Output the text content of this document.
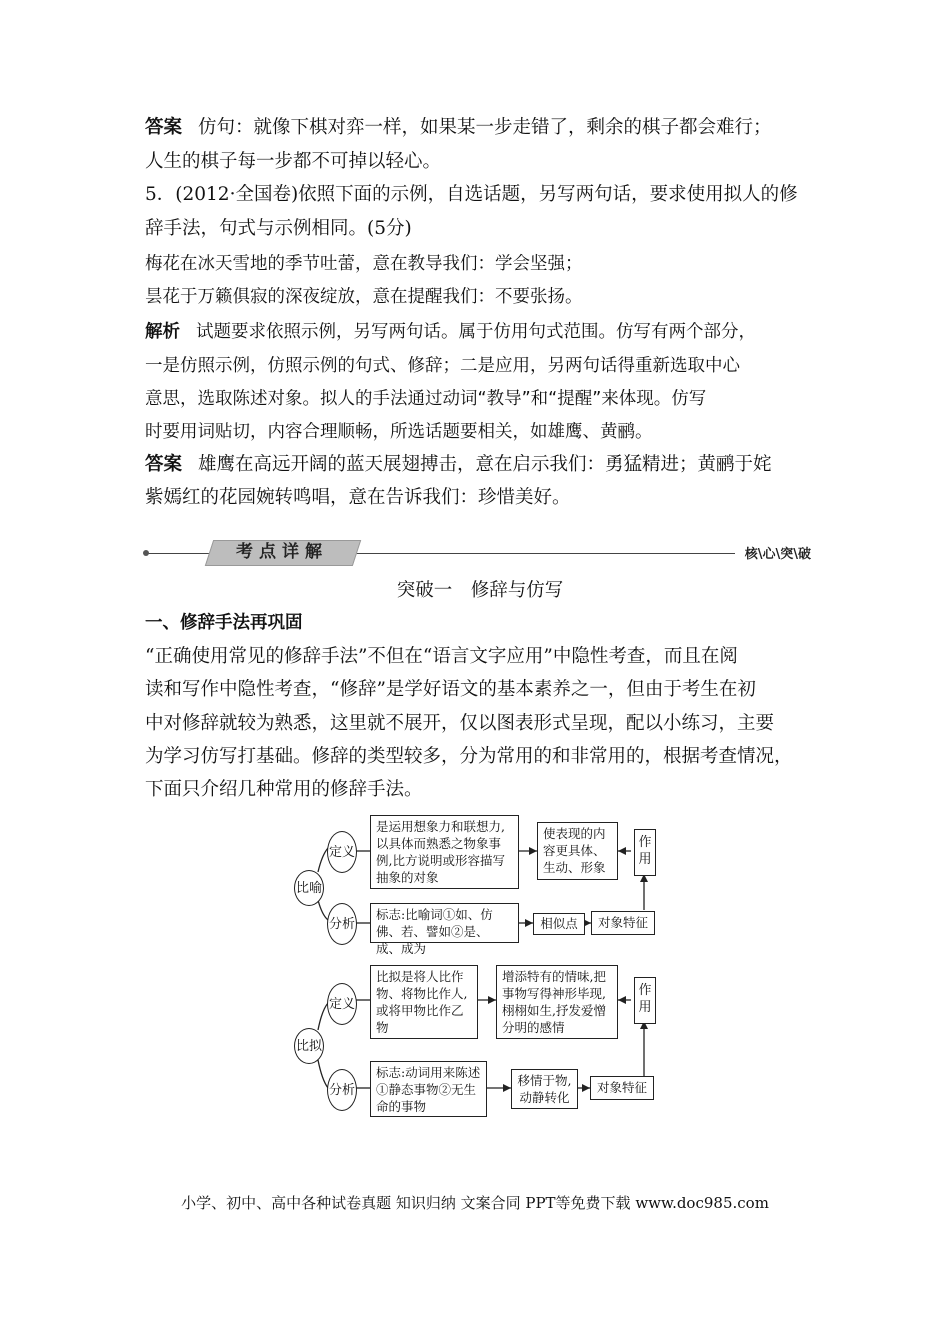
答案 仿句：就像下棋对弈一样，如果某一步走错了，剩余的棋子都会难行；
人生的棋子每一步都不可掉以轻心。
5．(2012·全国卷)依照下面的示例，自选话题，另写两句话，要求使用拟人的修
辞手法，句式与示例相同。(5分)
梅花在冰天雪地的季节吐蕾，意在教导我们：学会坚强；
昙花于万籁俱寂的深夜绽放，意在提醒我们：不要张扬。
解析 试题要求依照示例，另写两句话。属于仿用句式范围。仿写有两个部分，
一是仿照示例，仿照示例的句式、修辞；二是应用，另两句话得重新选取中心
意思，选取陈述对象。拟人的手法通过动词“教导”和“提醒”来体现。仿写
时要用词贴切，内容合理顺畅，所选话题要相关，如雄鹰、黄鹂。
答案 雄鹰在高远开阔的蓝天展翅搏击，意在启示我们：勇猛精进；黄鹂于姹
紫嫣红的花园婉转鸣唱，意在告诉我们：珍惜美好。
考点详解	核\心\突\破
突破一　修辞与仿写
一、修辞手法再巩固
“正确使用常见的修辞手法”不但在“语言文字应用”中隐性考查，而且在阅
读和写作中隐性考查，“修辞”是学好语文的基本素养之一，但由于考生在初
中对修辞就较为熟悉，这里就不展开，仅以图表形式呈现，配以小练习，主要
为学习仿写打基础。修辞的类型较多，分为常用的和非常用的，根据考查情况，
下面只介绍几种常用的修辞手法。
比喻
定义
是运用想象力和联想力,以具体而熟悉之物象事例,比方说明或形容描写抽象的对象
使表现的内容更具体、生动、形象
作用
分析
标志:比喻词①如、仿佛、若、譬如②是、成、成为
相似点	对象特征
比拟
定义
比拟是将人比作物、将物比作人,或将甲物比作乙物
增添特有的情味,把事物写得神形毕现,栩栩如生,抒发爱憎分明的感情
作用
分析
标志:动词用来陈述①静态事物②无生命的事物
移情于物,动静转化
对象特征
小学、初中、高中各种试卷真题 知识归纳 文案合同 PPT等免费下载 www.doc985.com
